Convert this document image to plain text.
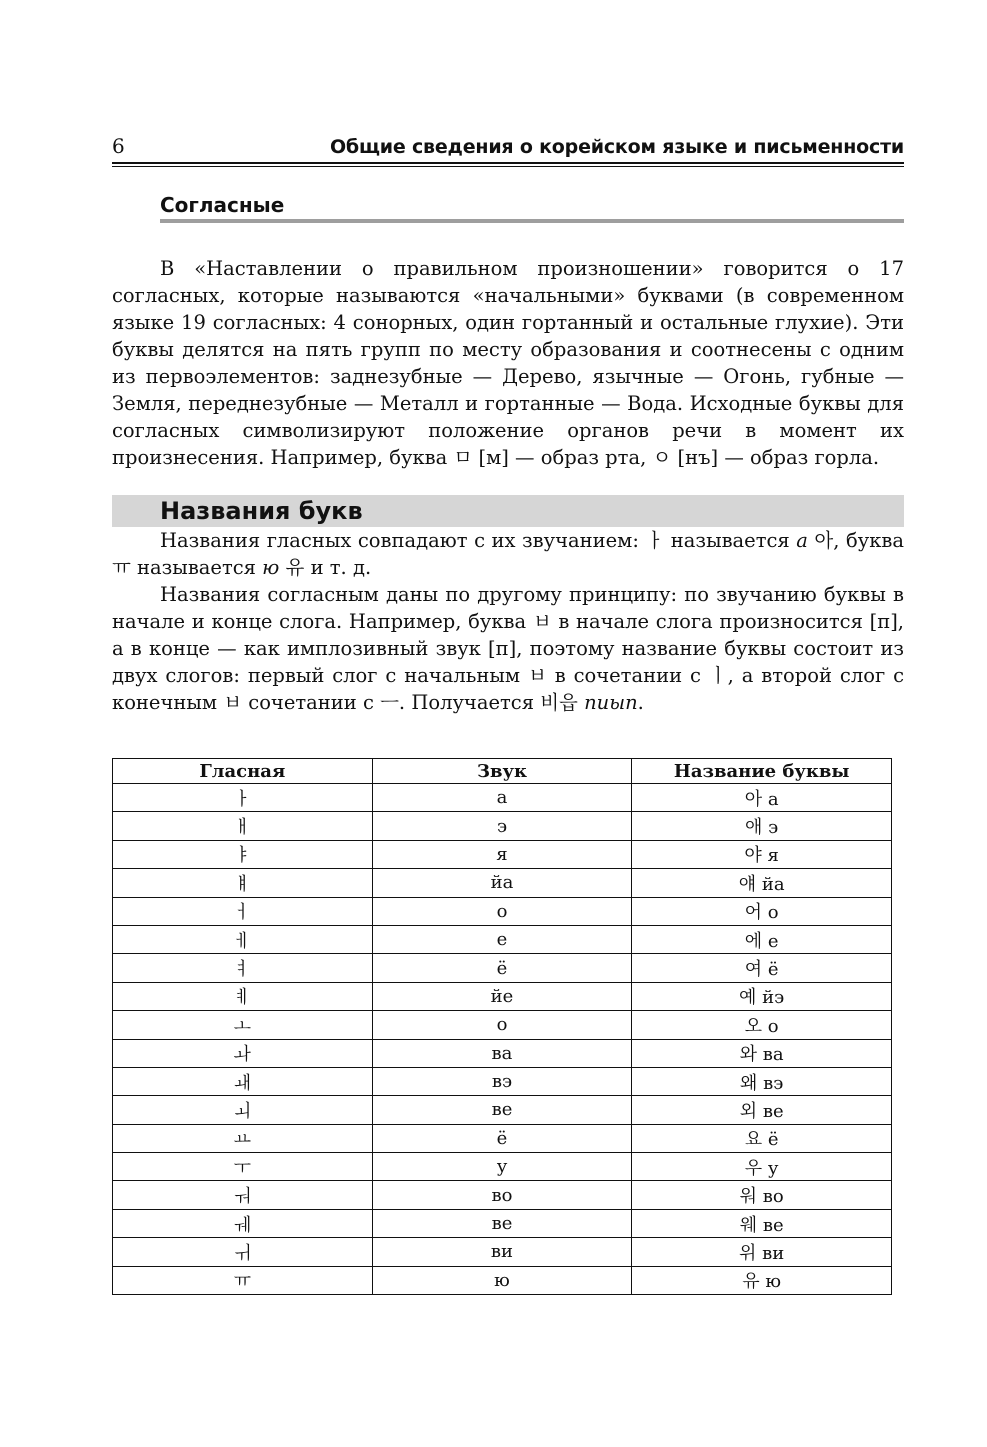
6	Общие сведения о корейском языке и письменности
Согласные

В «Наставлении о правильном произношении» говорится о 17 согласных, которые называются «начальными» буквами (в современном языке 19 согласных: 4 сонорных, один гортанный и остальные глухие). Эти буквы делятся на пять групп по месту образования и соотнесены с одним из первоэлементов: заднезубные — Дерево, язычные — Огонь, губные — Земля, переднезубные — Металл и гортанные — Вода. Исходные буквы для согласных символизируют положение органов речи в момент их произнесения. Например, буква ㅁ [м] — образ рта, ㅇ [нъ] — образ горла.

Названия букв

Названия гласных совпадают с их звучанием: ㅏ называется а 아, буква ㅠ называется ю 유 и т. д.

Названия согласным даны по другому принципу: по звучанию буквы в начале и конце слога. Например, буква ㅂ в начале слога произносится [п], а в конце — как имплозивный звук [п], поэтому название буквы состоит из двух слогов: первый слог с начальным ㅂ в сочетании с ㅣ, а второй слог с конечным ㅂ сочетании с ㅡ. Получается 비읍 пиып.

Гласная	Звук	Название буквы
ㅏ	а	아 а
ㅐ	э	애 э
ㅑ	я	야 я
ㅒ	йа	얘 йа
ㅓ	о	어 о
ㅔ	е	에 е
ㅕ	ё	여 ё
ㅖ	йе	예 йэ
ㅗ	о	오 о
ㅘ	ва	와 ва
ㅙ	вэ	왜 вэ
ㅚ	ве	외 ве
ㅛ	ё	요 ё
ㅜ	у	우 у
ㅝ	во	워 во
ㅞ	ве	웨 ве
ㅟ	ви	위 ви
ㅠ	ю	유 ю
